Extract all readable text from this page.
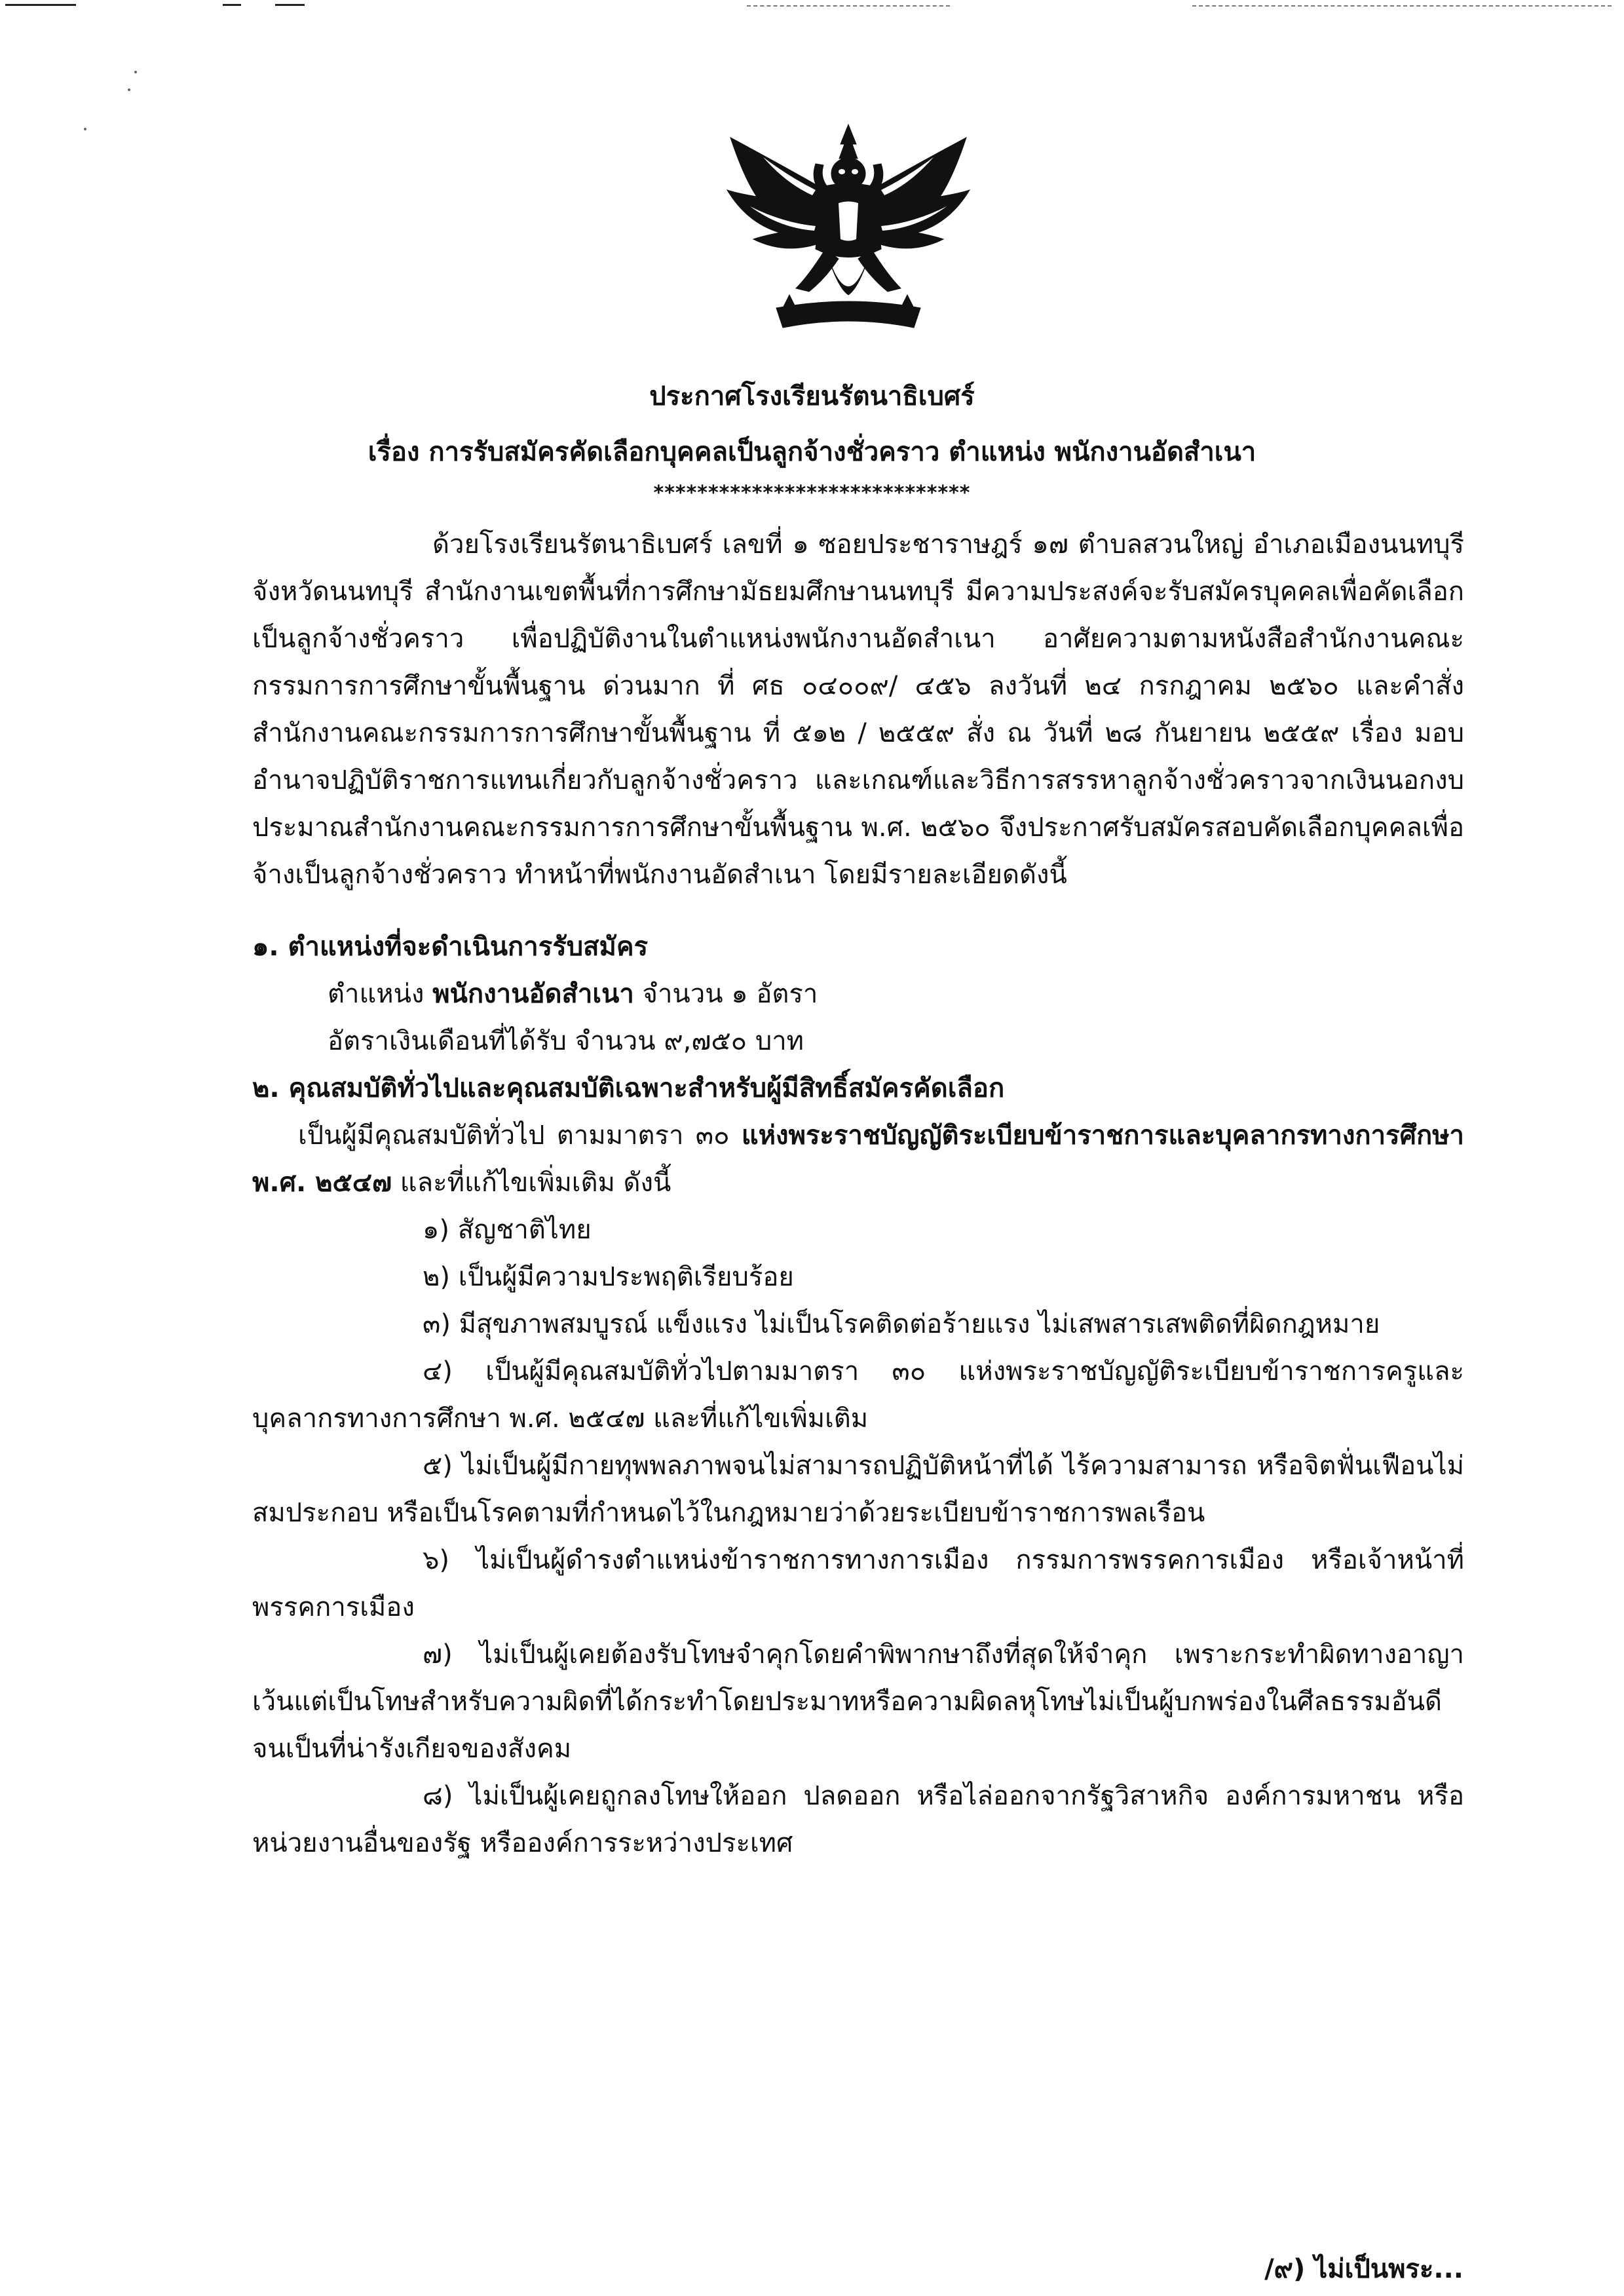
ประกาศโรงเรียนรัตนาธิเบศร์
เรื่อง การรับสมัครคัดเลือกบุคคลเป็นลูกจ้างชั่วคราว ตำแหน่ง พนักงานอัดสำเนา
*****************************

ด้วยโรงเรียนรัตนาธิเบศร์ เลขที่ ๑ ซอยประชาราษฎร์ ๑๗ ตำบลสวนใหญ่ อำเภอเมืองนนทบุรี จังหวัดนนทบุรี สำนักงานเขตพื้นที่การศึกษามัธยมศึกษานนทบุรี มีความประสงค์จะรับสมัครบุคคลเพื่อคัดเลือกเป็นลูกจ้างชั่วคราว เพื่อปฏิบัติงานในตำแหน่งพนักงานอัดสำเนา อาศัยความตามหนังสือสำนักงานคณะกรรมการการศึกษาขั้นพื้นฐาน ด่วนมาก ที่ ศธ ๐๔๐๐๙/ ๔๕๖ ลงวันที่ ๒๔ กรกฎาคม ๒๕๖๐ และคำสั่งสำนักงานคณะกรรมการการศึกษาขั้นพื้นฐาน ที่ ๕๑๒ / ๒๕๕๙ สั่ง ณ วันที่ ๒๘ กันยายน ๒๕๕๙ เรื่อง มอบอำนาจปฏิบัติราชการแทนเกี่ยวกับลูกจ้างชั่วคราว และเกณฑ์และวิธีการสรรหาลูกจ้างชั่วคราวจากเงินนอกงบประมาณสำนักงานคณะกรรมการการศึกษาขั้นพื้นฐาน พ.ศ. ๒๕๖๐ จึงประกาศรับสมัครสอบคัดเลือกบุคคลเพื่อจ้างเป็นลูกจ้างชั่วคราว ทำหน้าที่พนักงานอัดสำเนา โดยมีรายละเอียดดังนี้

๑. ตำแหน่งที่จะดำเนินการรับสมัคร

ตำแหน่ง พนักงานอัดสำเนา จำนวน ๑ อัตรา

อัตราเงินเดือนที่ได้รับ จำนวน ๙,๗๕๐ บาท

๒. คุณสมบัติทั่วไปและคุณสมบัติเฉพาะสำหรับผู้มีสิทธิ์สมัครคัดเลือก

เป็นผู้มีคุณสมบัติทั่วไป ตามมาตรา ๓๐ แห่งพระราชบัญญัติระเบียบข้าราชการและบุคลากรทางการศึกษา พ.ศ. ๒๕๔๗ และที่แก้ไขเพิ่มเติม ดังนี้

๑) สัญชาติไทย

๒) เป็นผู้มีความประพฤติเรียบร้อย

๓) มีสุขภาพสมบูรณ์ แข็งแรง ไม่เป็นโรคติดต่อร้ายแรง ไม่เสพสารเสพติดที่ผิดกฎหมาย

๔) เป็นผู้มีคุณสมบัติทั่วไปตามมาตรา ๓๐ แห่งพระราชบัญญัติระเบียบข้าราชการครูและบุคลากรทางการศึกษา พ.ศ. ๒๕๔๗ และที่แก้ไขเพิ่มเติม

๕) ไม่เป็นผู้มีกายทุพพลภาพจนไม่สามารถปฏิบัติหน้าที่ได้ ไร้ความสามารถ หรือจิตฟั่นเฟือนไม่สมประกอบ หรือเป็นโรคตามที่กำหนดไว้ในกฎหมายว่าด้วยระเบียบข้าราชการพลเรือน

๖) ไม่เป็นผู้ดำรงตำแหน่งข้าราชการทางการเมือง กรรมการพรรคการเมือง หรือเจ้าหน้าที่พรรคการเมือง

๗) ไม่เป็นผู้เคยต้องรับโทษจำคุกโดยคำพิพากษาถึงที่สุดให้จำคุก เพราะกระทำผิดทางอาญาเว้นแต่เป็นโทษสำหรับความผิดที่ได้กระทำโดยประมาทหรือความผิดลหุโทษไม่เป็นผู้บกพร่องในศีลธรรมอันดีจนเป็นที่น่ารังเกียจของสังคม

๘) ไม่เป็นผู้เคยถูกลงโทษให้ออก ปลดออก หรือไล่ออกจากรัฐวิสาหกิจ องค์การมหาชน หรือหน่วยงานอื่นของรัฐ หรือองค์การระหว่างประเทศ

/๙) ไม่เป็นพระ...
